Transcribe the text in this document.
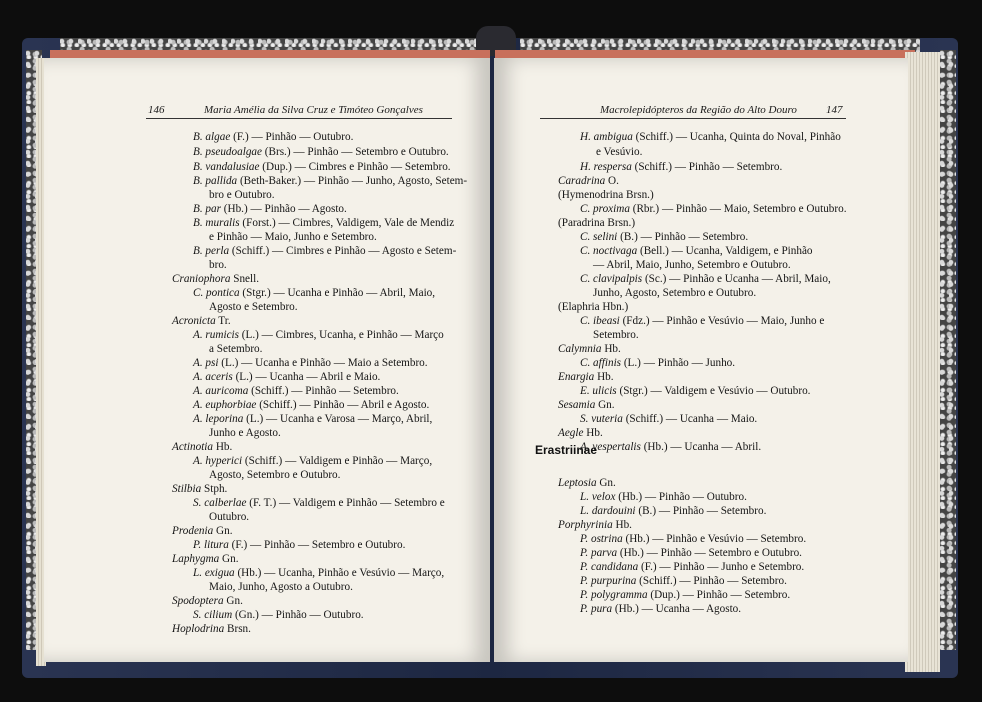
146	Maria Amélia da Silva Cruz e Timóteo Gonçalves
B. algae (F.) — Pinhão — Outubro.
B. pseudoalgae (Brs.) — Pinhão — Setembro e Outubro.
B. vandalusiae (Dup.) — Cimbres e Pinhão — Setembro.
B. pallida (Beth-Baker.) — Pinhão — Junho, Agosto, Setem-
bro e Outubro.
B. par (Hb.) — Pinhão — Agosto.
B. muralis (Forst.) — Cimbres, Valdigem, Vale de Mendiz
e Pinhão — Maio, Junho e Setembro.
B. perla (Schiff.) — Cimbres e Pinhão — Agosto e Setem-
bro.
Craniophora Snell.
C. pontica (Stgr.) — Ucanha e Pinhão — Abril, Maio,
Agosto e Setembro.
Acronicta Tr.
A. rumicis (L.) — Cimbres, Ucanha, e Pinhão — Março
a Setembro.
A. psi (L.) — Ucanha e Pinhão — Maio a Setembro.
A. aceris (L.) — Ucanha — Abril e Maio.
A. auricoma (Schiff.) — Pinhão — Setembro.
A. euphorbiae (Schiff.) — Pinhão — Abril e Agosto.
A. leporina (L.) — Ucanha e Varosa — Março, Abril,
Junho e Agosto.
Actinotia Hb.
A. hyperici (Schiff.) — Valdigem e Pinhão — Março,
Agosto, Setembro e Outubro.
Stilbia Stph.
S. calberlae (F. T.) — Valdigem e Pinhão — Setembro e
Outubro.
Prodenia Gn.
P. litura (F.) — Pinhão — Setembro e Outubro.
Laphygma Gn.
L. exigua (Hb.) — Ucanha, Pinhão e Vesúvio — Março,
Maio, Junho, Agosto a Outubro.
Spodoptera Gn.
S. cilium (Gn.) — Pinhão — Outubro.
Hoplodrina Brsn.
Macrolepidópteros da Região do Alto Douro	147
H. ambigua (Schiff.) — Ucanha, Quinta do Noval, Pinhão
e Vesúvio.
H. respersa (Schiff.) — Pinhão — Setembro.
Caradrina O.
(Hymenodrina Brsn.)
C. proxima (Rbr.) — Pinhão — Maio, Setembro e Outubro.
(Paradrina Brsn.)
C. selini (B.) — Pinhão — Setembro.
C. noctivaga (Bell.) — Ucanha, Valdigem, e Pinhão
— Abril, Maio, Junho, Setembro e Outubro.
C. clavipalpis (Sc.) — Pinhão e Ucanha — Abril, Maio,
Junho, Agosto, Setembro e Outubro.
(Elaphria Hbn.)
C. ibeasi (Fdz.) — Pinhão e Vesúvio — Maio, Junho e
Setembro.
Calymnia Hb.
C. affinis (L.) — Pinhão — Junho.
Enargia Hb.
E. ulicis (Stgr.) — Valdigem e Vesúvio — Outubro.
Sesamia Gn.
S. vuteria (Schiff.) — Ucanha — Maio.
Aegle Hb.
A. vespertalis (Hb.) — Ucanha — Abril.
Leptosia Gn.
L. velox (Hb.) — Pinhão — Outubro.
L. dardouini (B.) — Pinhão — Setembro.
Porphyrinia Hb.
P. ostrina (Hb.) — Pinhão e Vesúvio — Setembro.
P. parva (Hb.) — Pinhão — Setembro e Outubro.
P. candidana (F.) — Pinhão — Junho e Setembro.
P. purpurina (Schiff.) — Pinhão — Setembro.
P. polygramma (Dup.) — Pinhão — Setembro.
P. pura (Hb.) — Ucanha — Agosto.
Erastriinae
